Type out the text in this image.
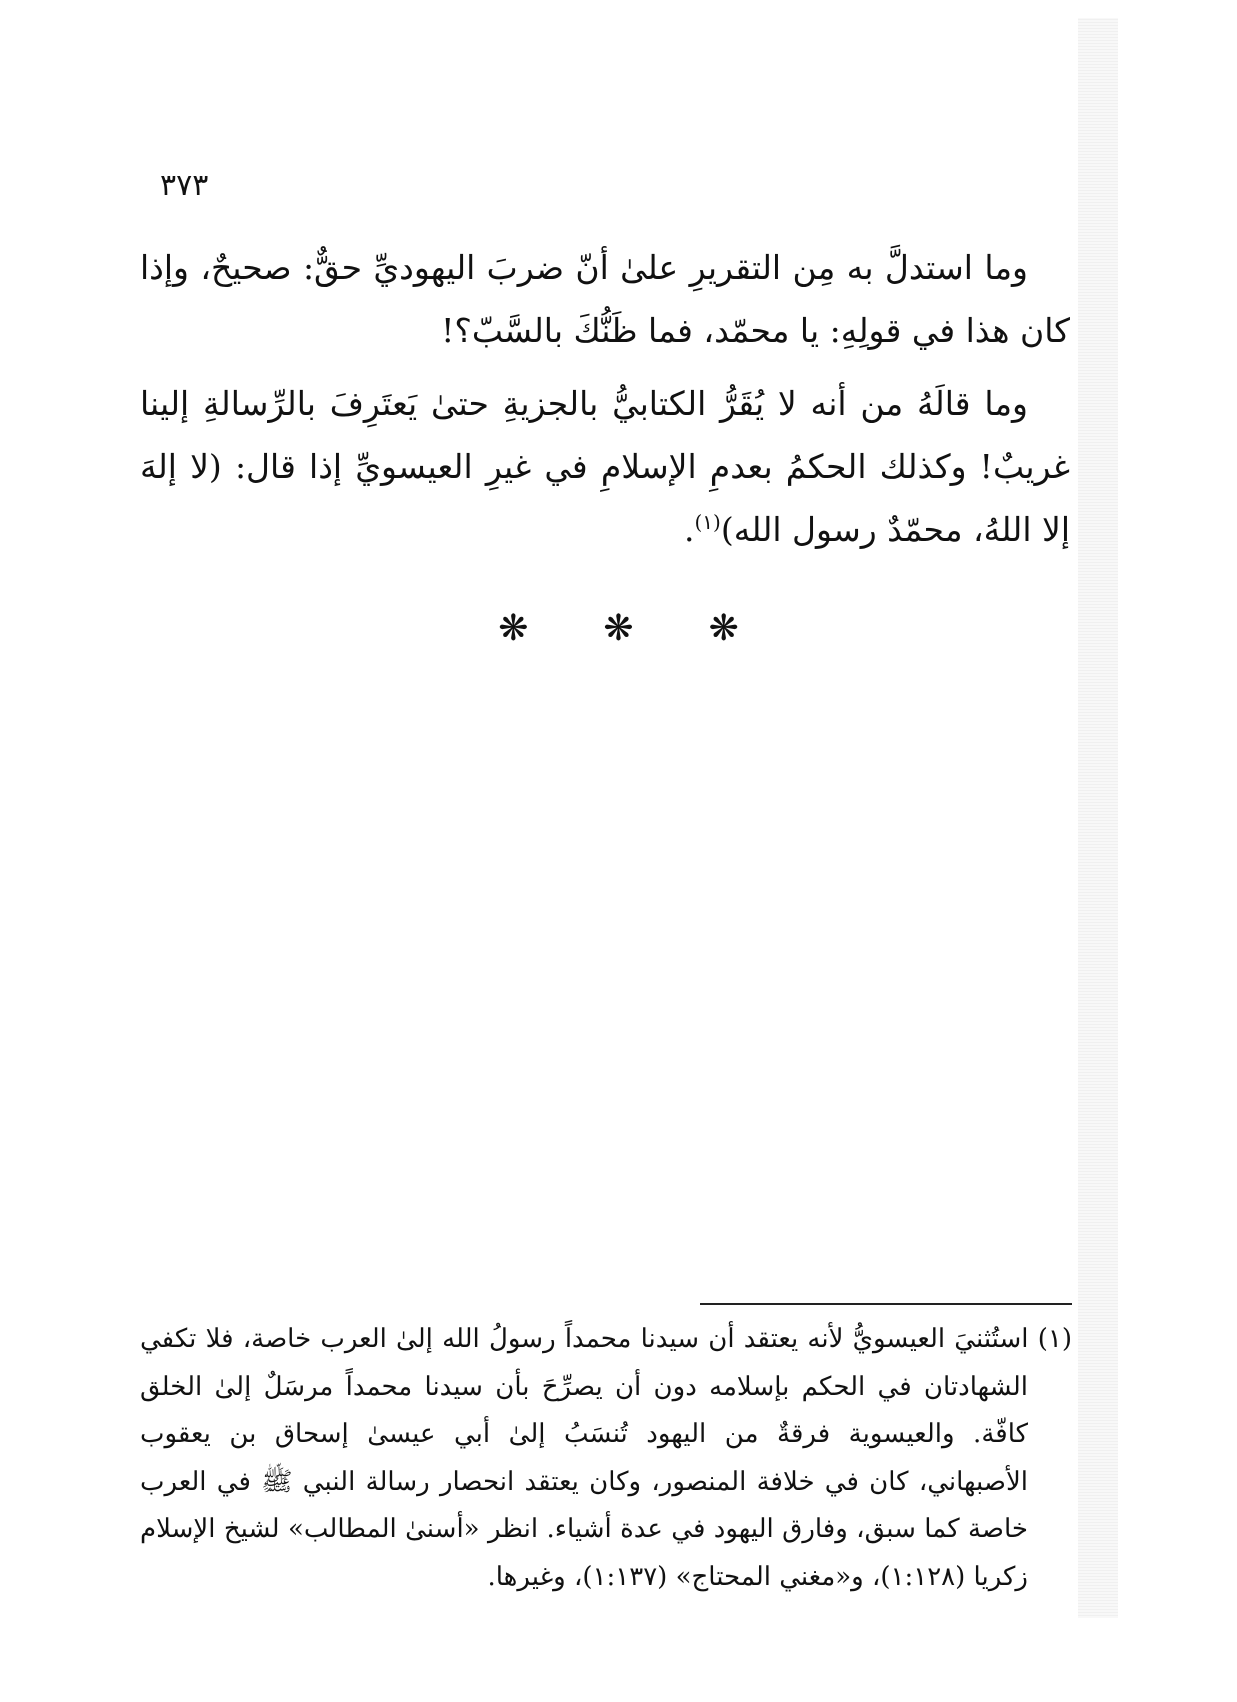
٣٧٣

وما استدلَّ به مِن التقريرِ علىٰ أنّ ضربَ اليهوديِّ حقٌّ: صحيحٌ، وإذا كان هذا في قولِهِ: يا محمّد، فما ظَنُّكَ بالسَّبّ؟!

وما قالَهُ من أنه لا يُقَرُّ الكتابيُّ بالجزيةِ حتىٰ يَعتَرِفَ بالرِّسالةِ إلينا غريبٌ! وكذلك الحكمُ بعدمِ الإسلامِ في غيرِ العيسويِّ إذا قال: (لا إلهَ إلا اللهُ، محمّدٌ رسول الله)$^{(١)}$.

❋ ❋ ❋
(١) استُثنيَ العيسويُّ لأنه يعتقد أن سيدنا محمداً رسولُ الله إلىٰ العرب خاصة، فلا تكفي الشهادتان في الحكم بإسلامه دون أن يصرِّحَ بأن سيدنا محمداً مرسَلٌ إلىٰ الخلق كافّة. والعيسوية فرقةٌ من اليهود تُنسَبُ إلىٰ أبي عيسىٰ إسحاق بن يعقوب الأصبهاني، كان في خلافة المنصور، وكان يعتقد انحصار رسالة النبي ﷺ في العرب خاصة كما سبق، وفارق اليهود في عدة أشياء. انظر «أسنىٰ المطالب» لشيخ الإسلام زكريا (١:١٢٨)، و«مغني المحتاج» (١:١٣٧)، وغيرها.
